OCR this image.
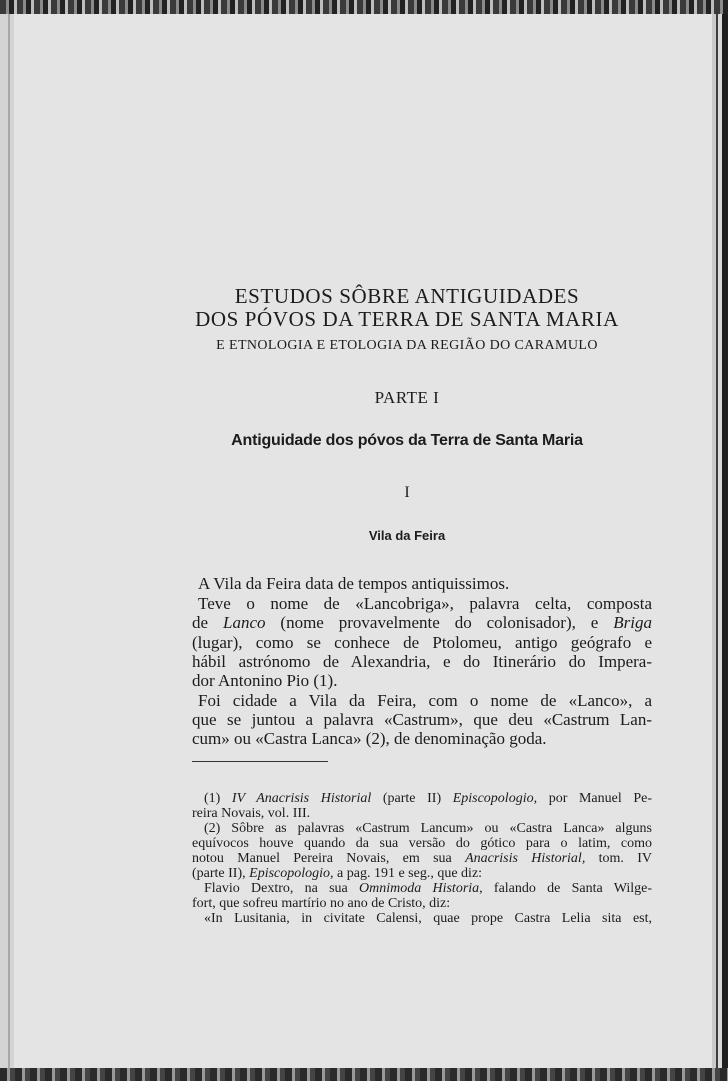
ESTUDOS SÔBRE ANTIGUIDADES
DOS PÓVOS DA TERRA DE SANTA MARIA
E ETNOLOGIA E ETOLOGIA DA REGIÃO DO CARAMULO
PARTE I
Antiguidade dos póvos da Terra de Santa Maria
I
Vila da Feira
A Vila da Feira data de tempos antiquissimos.
Teve o nome de «Lancobriga», palavra celta, composta
de Lanco (nome provavelmente do colonisador), e Briga
(lugar), como se conhece de Ptolomeu, antigo geógrafo e
hábil astrónomo de Alexandria, e do Itinerário do Impera-
dor Antonino Pio (1).
Foi cidade a Vila da Feira, com o nome de «Lanco», a
que se juntou a palavra «Castrum», que deu «Castrum Lan-
cum» ou «Castra Lanca» (2), de denominação goda.
(1) IV Anacrisis Historial (parte II) Episcopologio, por Manuel Pe-
reira Novais, vol. III.
(2) Sôbre as palavras «Castrum Lancum» ou «Castra Lanca» alguns
equívocos houve quando da sua versão do gótico para o latim, como
notou Manuel Pereira Novais, em sua Anacrisis Historial, tom. IV
(parte II), Episcopologio, a pag. 191 e seg., que diz:
Flavio Dextro, na sua Omnimoda Historia, falando de Santa Wilge-
fort, que sofreu martírio no ano de Cristo, diz:
«In Lusitania, in civitate Calensi, quae prope Castra Lelia sita est,
